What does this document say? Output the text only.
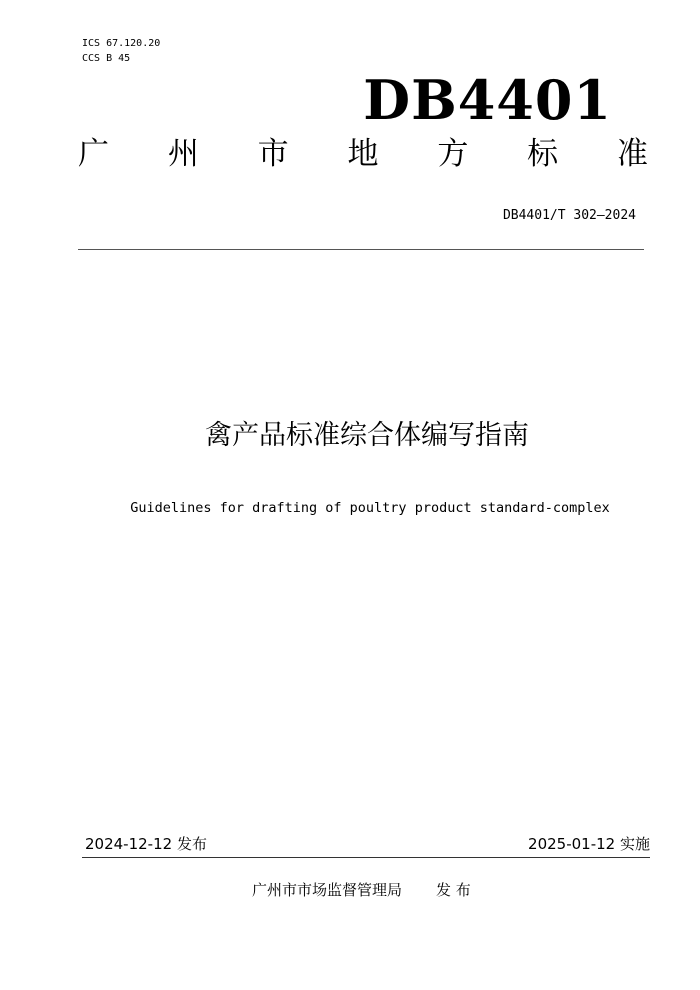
ICS 67.120.20
CCS B 45
DB4401
广 州 市 地 方 标 准
DB4401/T 302—2024
禽产品标准综合体编写指南
Guidelines for drafting of poultry product standard-complex
2024-12-12 发布	2025-01-12 实施
广州市市场监督管理局 发 布
